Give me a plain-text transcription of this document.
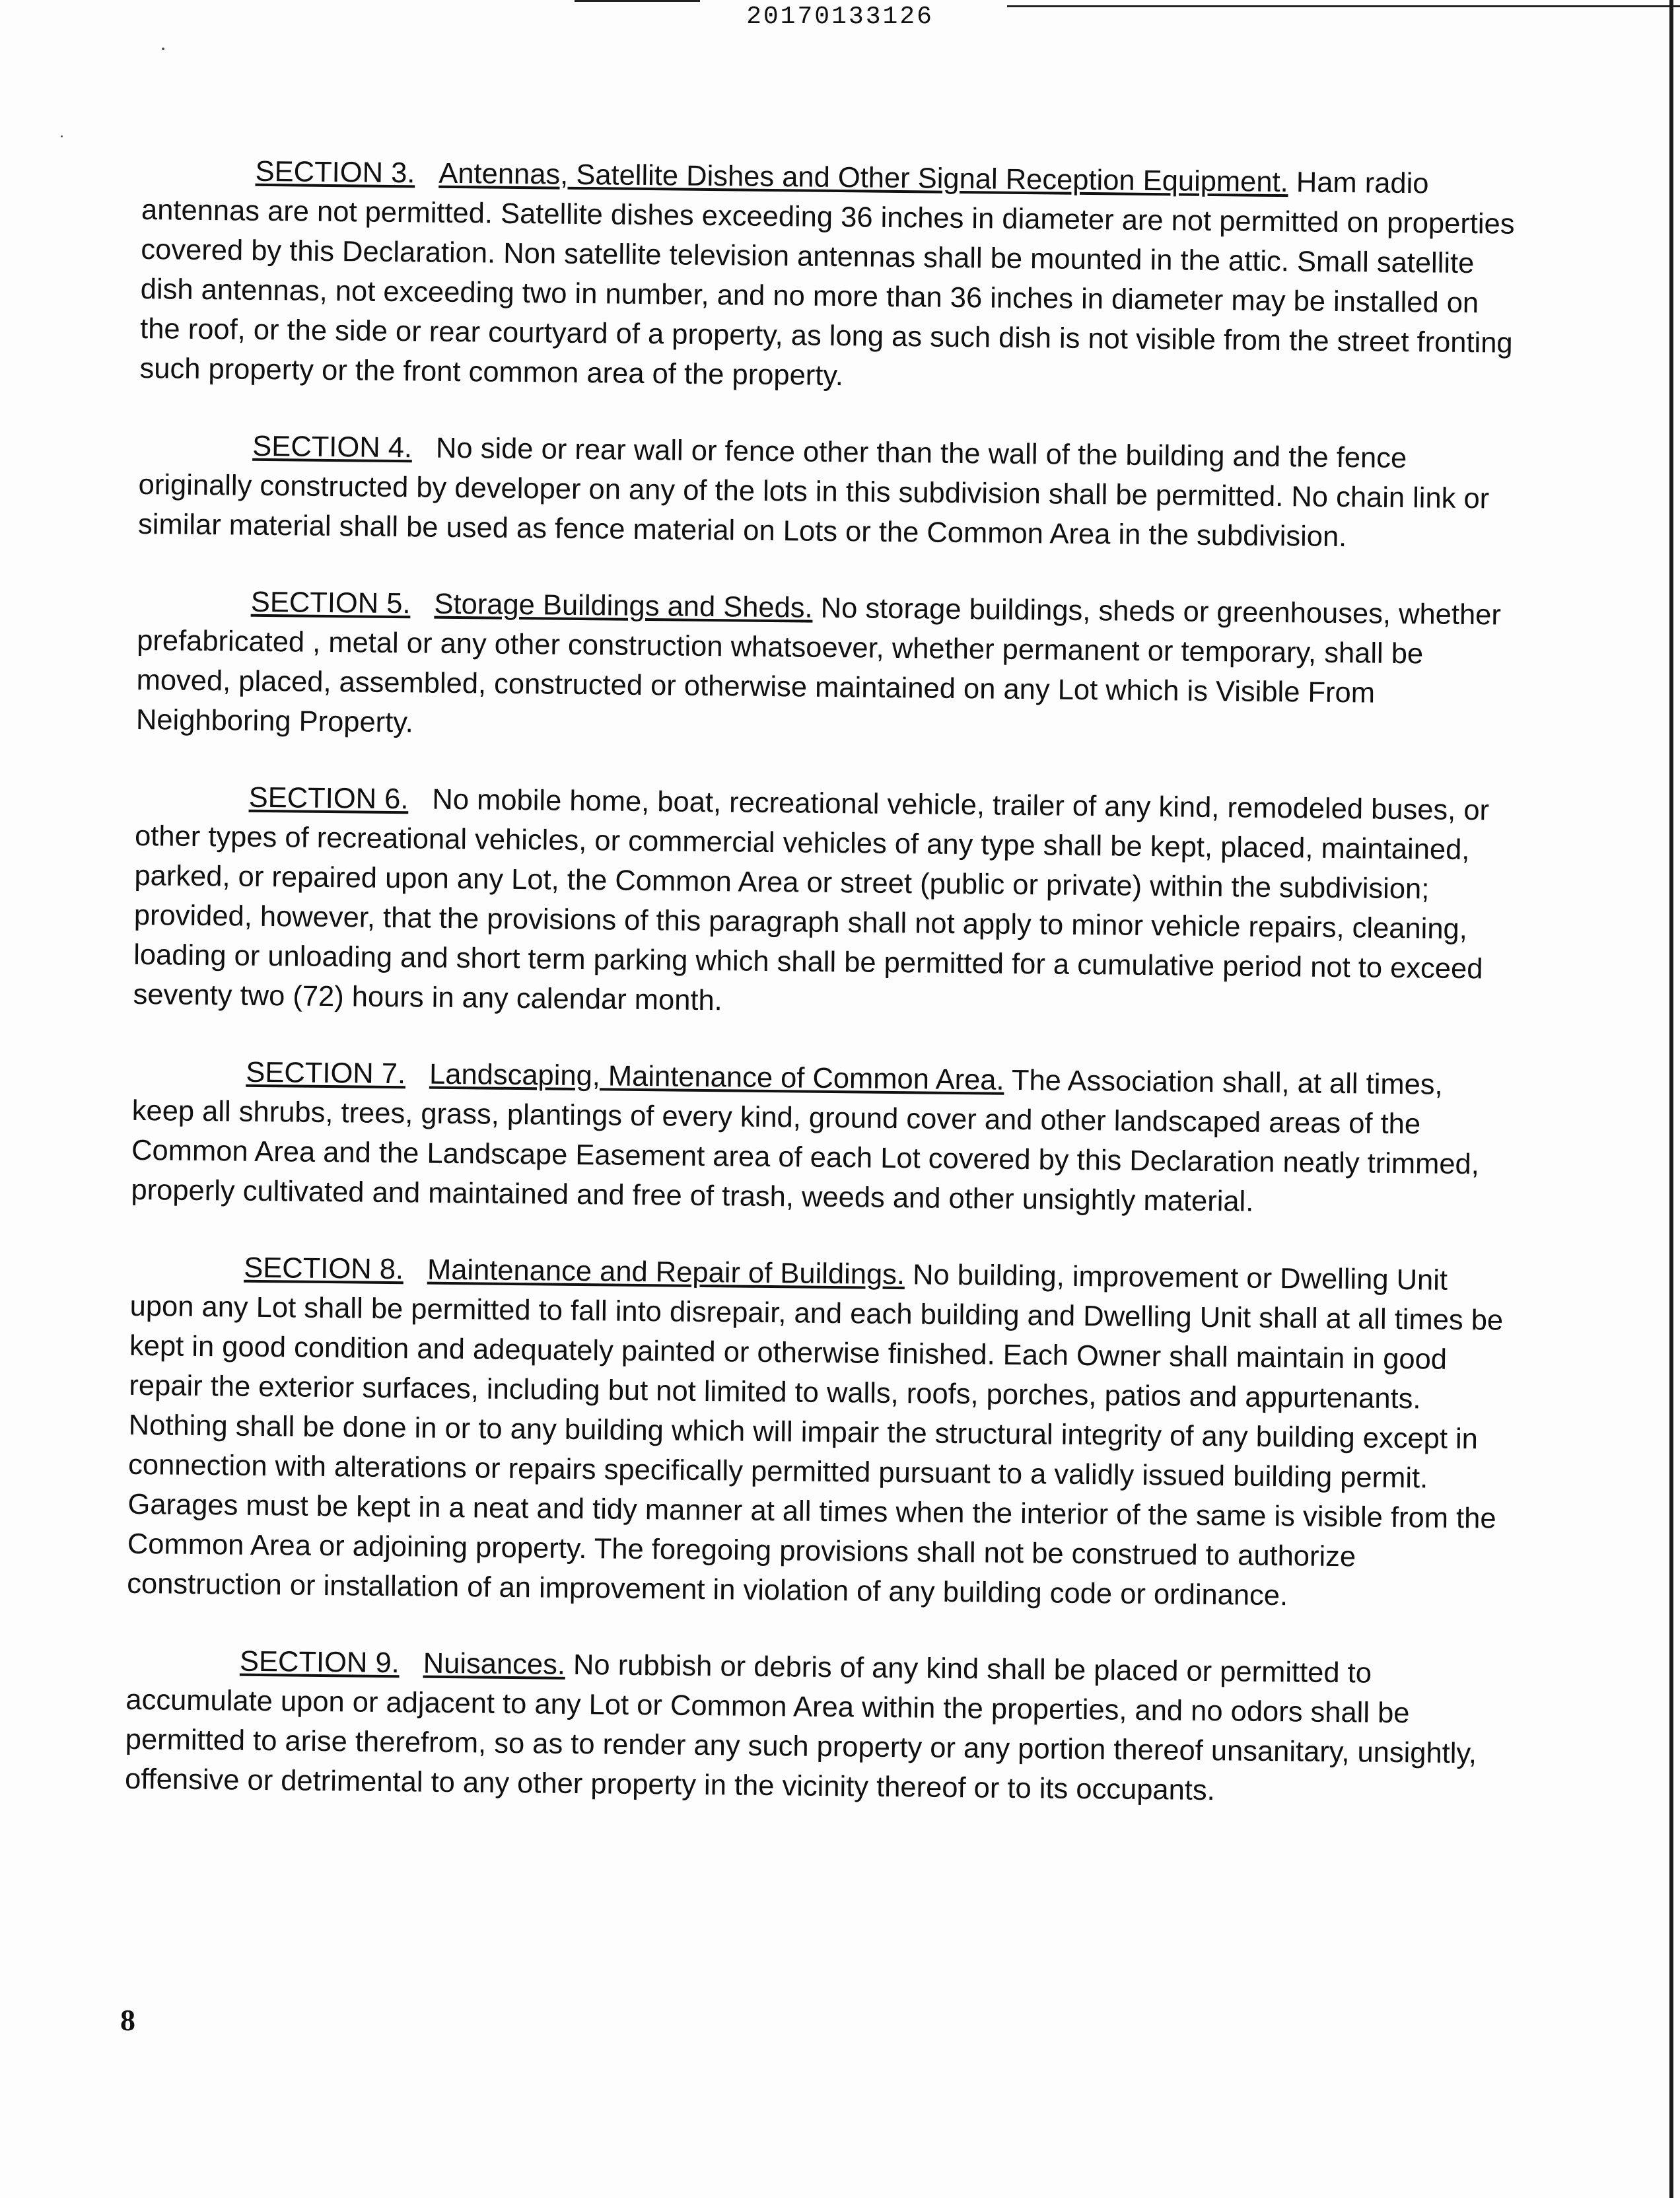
20170133126

SECTION 3. Antennas, Satellite Dishes and Other Signal Reception Equipment. Ham radio antennas are not permitted. Satellite dishes exceeding 36 inches in diameter are not permitted on properties covered by this Declaration. Non satellite television antennas shall be mounted in the attic. Small satellite dish antennas, not exceeding two in number, and no more than 36 inches in diameter may be installed on the roof, or the side or rear courtyard of a property, as long as such dish is not visible from the street fronting such property or the front common area of the property.

SECTION 4. No side or rear wall or fence other than the wall of the building and the fence originally constructed by developer on any of the lots in this subdivision shall be permitted. No chain link or similar material shall be used as fence material on Lots or the Common Area in the subdivision.

SECTION 5. Storage Buildings and Sheds. No storage buildings, sheds or greenhouses, whether prefabricated , metal or any other construction whatsoever, whether permanent or temporary, shall be moved, placed, assembled, constructed or otherwise maintained on any Lot which is Visible From Neighboring Property.

SECTION 6. No mobile home, boat, recreational vehicle, trailer of any kind, remodeled buses, or other types of recreational vehicles, or commercial vehicles of any type shall be kept, placed, maintained, parked, or repaired upon any Lot, the Common Area or street (public or private) within the subdivision; provided, however, that the provisions of this paragraph shall not apply to minor vehicle repairs, cleaning, loading or unloading and short term parking which shall be permitted for a cumulative period not to exceed seventy two (72) hours in any calendar month.

SECTION 7. Landscaping, Maintenance of Common Area. The Association shall, at all times, keep all shrubs, trees, grass, plantings of every kind, ground cover and other landscaped areas of the Common Area and the Landscape Easement area of each Lot covered by this Declaration neatly trimmed, properly cultivated and maintained and free of trash, weeds and other unsightly material.

SECTION 8. Maintenance and Repair of Buildings. No building, improvement or Dwelling Unit upon any Lot shall be permitted to fall into disrepair, and each building and Dwelling Unit shall at all times be kept in good condition and adequately painted or otherwise finished. Each Owner shall maintain in good repair the exterior surfaces, including but not limited to walls, roofs, porches, patios and appurtenants. Nothing shall be done in or to any building which will impair the structural integrity of any building except in connection with alterations or repairs specifically permitted pursuant to a validly issued building permit. Garages must be kept in a neat and tidy manner at all times when the interior of the same is visible from the Common Area or adjoining property. The foregoing provisions shall not be construed to authorize construction or installation of an improvement in violation of any building code or ordinance.

SECTION 9. Nuisances. No rubbish or debris of any kind shall be placed or permitted to accumulate upon or adjacent to any Lot or Common Area within the properties, and no odors shall be permitted to arise therefrom, so as to render any such property or any portion thereof unsanitary, unsightly, offensive or detrimental to any other property in the vicinity thereof or to its occupants.

8
